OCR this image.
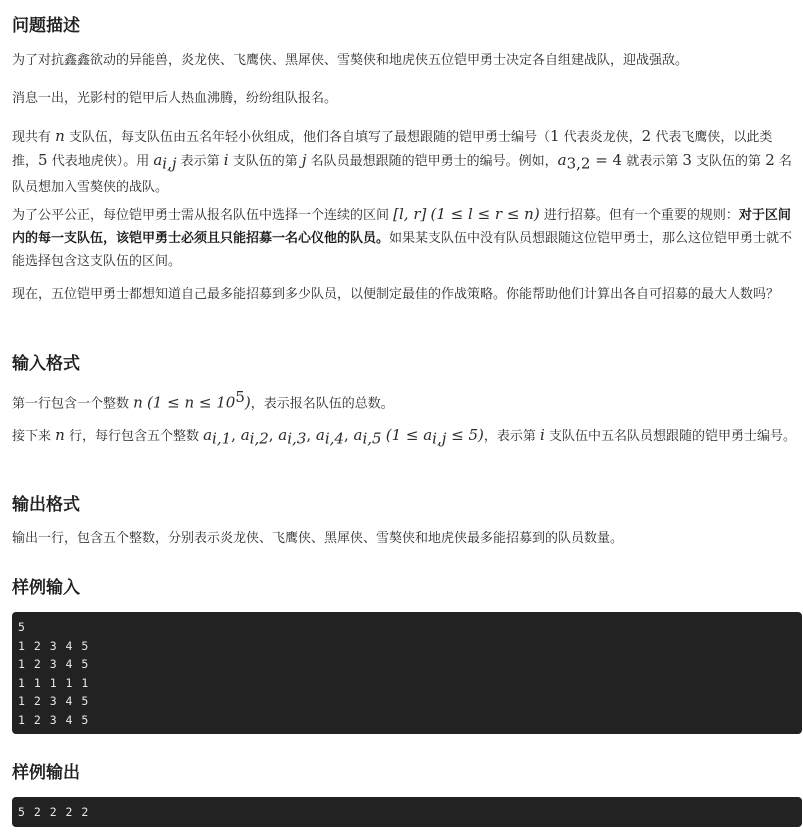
问题描述

为了对抗鑫鑫欲动的异能兽，炎龙侠、飞鹰侠、黑犀侠、雪獒侠和地虎侠五位铠甲勇士决定各自组建战队，迎战强敌。

消息一出，光影村的铠甲后人热血沸腾，纷纷组队报名。

现共有 n 支队伍，每支队伍由五名年轻小伙组成，他们各自填写了最想跟随的铠甲勇士编号（1 代表炎龙侠，2 代表飞鹰侠，以此类推，5 代表地虎侠）。用 $a_{i,j}$ 表示第 i 支队伍的第 j 名队员最想跟随的铠甲勇士的编号。例如，$a_{3,2} = 4$ 就表示第 3 支队伍的第 2 名队员想加入雪獒侠的战队。

为了公平公正，每位铠甲勇士需从报名队伍中选择一个连续的区间 [l, r] (1 ≤ l ≤ r ≤ n) 进行招募。但有一个重要的规则：对于区间内的每一支队伍，该铠甲勇士必须且只能招募一名心仪他的队员。如果某支队伍中没有队员想跟随这位铠甲勇士，那么这位铠甲勇士就不能选择包含这支队伍的区间。

现在，五位铠甲勇士都想知道自己最多能招募到多少队员，以便制定最佳的作战策略。你能帮助他们计算出各自可招募的最大人数吗？

输入格式

第一行包含一个整数 n $(1 \le n \le 10^5)$，表示报名队伍的总数。

接下来 n 行，每行包含五个整数 $a_{i,1}$, $a_{i,2}$, $a_{i,3}$, $a_{i,4}$, $a_{i,5}$ $(1 \le a_{i,j} \le 5)$，表示第 i 支队伍中五名队员想跟随的铠甲勇士编号。

输出格式

输出一行，包含五个整数，分别表示炎龙侠、飞鹰侠、黑犀侠、雪獒侠和地虎侠最多能招募到的队员数量。

样例输入
5
1 2 3 4 5
1 2 3 4 5
1 1 1 1 1
1 2 3 4 5
1 2 3 4 5
样例输出
5 2 2 2 2
